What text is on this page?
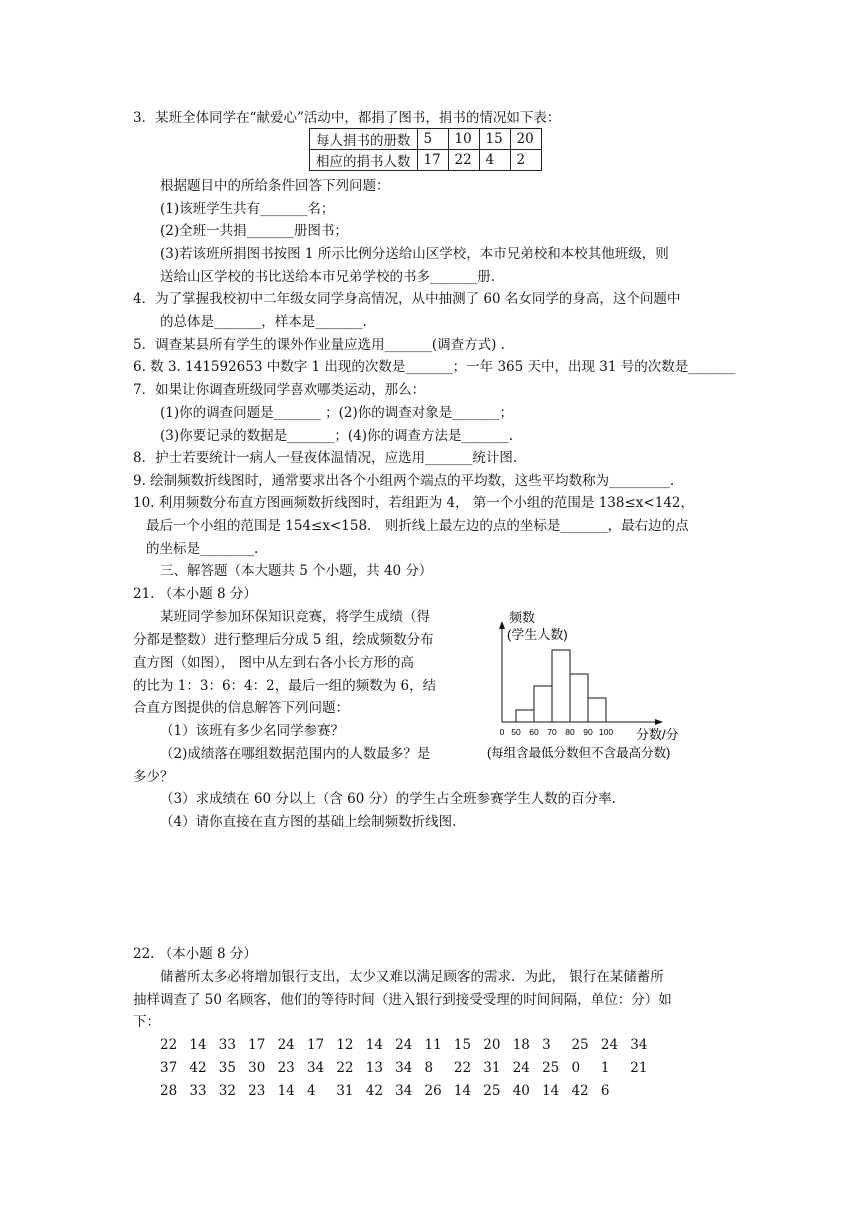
3．某班全体同学在“献爱心”活动中，都捐了图书，捐书的情况如下表：
每人捐书的册数	5	10	15	20
相应的捐书人数	17	22	4	2
根据题目中的所给条件回答下列问题：
(1)该班学生共有_______名；
(2)全班一共捐_______册图书；
(3)若该班所捐图书按图 1 所示比例分送给山区学校，本市兄弟校和本校其他班级，则
送给山区学校的书比送给本市兄弟学校的书多_______册.
4．为了掌握我校初中二年级女同学身高情况，从中抽测了 60 名女同学的身高，这个问题中
的总体是_______，样本是_______.
5．调查某县所有学生的课外作业量应选用_______(调查方式) .
6. 数 3. 141592653 中数字 1 出现的次数是_______；一年 365 天中，出现 31 号的次数是_______
7．如果让你调查班级同学喜欢哪类运动，那么：
(1)你的调查问题是_______ ；(2)你的调查对象是_______；
(3)你要记录的数据是_______；(4)你的调查方法是_______.
8．护士若要统计一病人一昼夜体温情况，应选用_______统计图.
9. 绘制频数折线图时，通常要求出各个小组两个端点的平均数，这些平均数称为_________.
10. 利用频数分布直方图画频数折线图时，若组距为 4， 第一个小组的范围是 138≤x<142，
最后一个小组的范围是 154≤x<158． 则折线上最左边的点的坐标是_______，最右边的点
的坐标是________.
三、解答题（本大题共 5 个小题，共 40 分）
21. （本小题 8 分）
某班同学参加环保知识竞赛，将学生成绩（得
分都是整数）进行整理后分成 5 组，绘成频数分布
直方图（如图）， 图中从左到右各小长方形的高
的比为 1：3：6：4：2，最后一组的频数为 6，结
合直方图提供的信息解答下列问题：
（1）该班有多少名同学参赛？
（2)成绩落在哪组数据范围内的人数最多？是
多少？
（3）求成绩在 60 分以上（含 60 分）的学生占全班参赛学生人数的百分率.
（4）请你直接在直方图的基础上绘制频数折线图.
频数
(学生人数)
0 50 60 70 80 90 100 分数/分
(每组含最低分数但不含最高分数)
22. （本小题 8 分）
储蓄所太多必将增加银行支出，太少又难以满足顾客的需求．为此， 银行在某储蓄所
抽样调查了 50 名顾客，他们的等待时间（进入银行到接受受理的时间间隔，单位：分）如
下：
22 14 33 17 24 17 12 14 24 11 15 20 18 3 25 24 34
37 42 35 30 23 34 22 13 34 8 22 31 24 25 0 1 21
28 33 32 23 14 4 31 42 34 26 14 25 40 14 42 6
